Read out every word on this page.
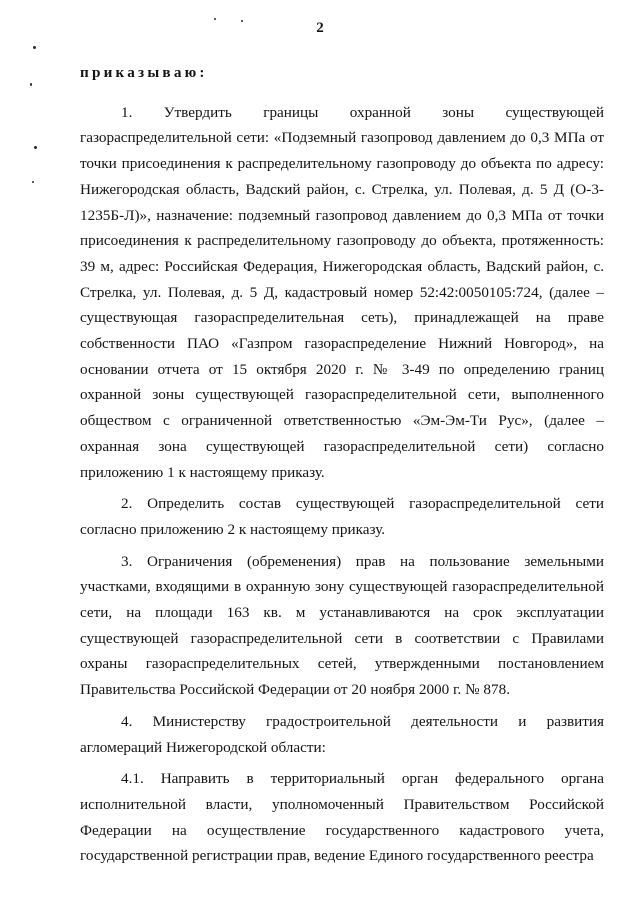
2

приказываю:

1. Утвердить границы охранной зоны существующей газораспределительной сети: «Подземный газопровод давлением до 0,3 МПа от точки присоединения к распределительному газопроводу до объекта по адресу: Нижегородская область, Вадский район, с. Стрелка, ул. Полевая, д. 5 Д (О-3-1235Б-Л)», назначение: подземный газопровод давлением до 0,3 МПа от точки присоединения к распределительному газопроводу до объекта, протяженность: 39 м, адрес: Российская Федерация, Нижегородская область, Вадский район, с. Стрелка, ул. Полевая, д. 5 Д, кадастровый номер 52:42:0050105:724, (далее – существующая газораспределительная сеть), принадлежащей на праве собственности ПАО «Газпром газораспределение Нижний Новгород», на основании отчета от 15 октября 2020 г. № 3-49 по определению границ охранной зоны существующей газораспределительной сети, выполненного обществом с ограниченной ответственностью «Эм-Эм-Ти Рус», (далее – охранная зона существующей газораспределительной сети) согласно приложению 1 к настоящему приказу.

2. Определить состав существующей газораспределительной сети согласно приложению 2 к настоящему приказу.

3. Ограничения (обременения) прав на пользование земельными участками, входящими в охранную зону существующей газораспределительной сети, на площади 163 кв. м устанавливаются на срок эксплуатации существующей газораспределительной сети в соответствии с Правилами охраны газораспределительных сетей, утвержденными постановлением Правительства Российской Федерации от 20 ноября 2000 г. № 878.

4. Министерству градостроительной деятельности и развития агломераций Нижегородской области:

4.1. Направить в территориальный орган федерального органа исполнительной власти, уполномоченный Правительством Российской Федерации на осуществление государственного кадастрового учета, государственной регистрации прав, ведение Единого государственного реестра
